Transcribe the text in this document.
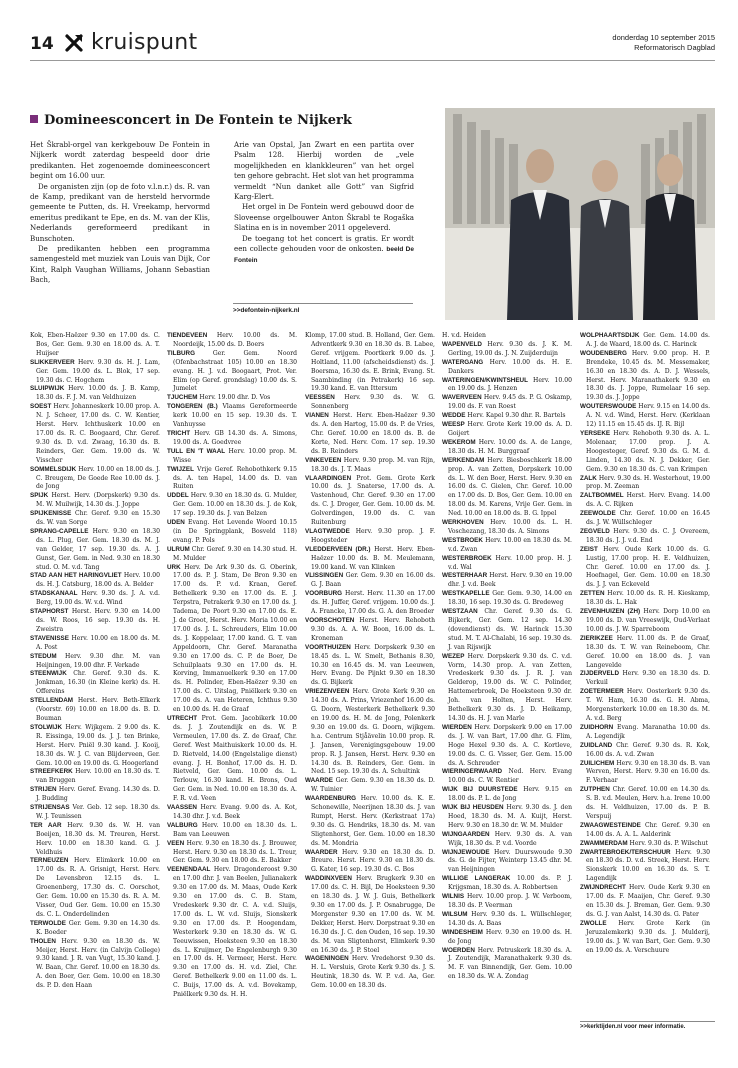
14 kruispunt	donderdag 10 september 2015
Reformatorisch Dagblad
Domineesconcert in De Fontein te Nijkerk

Het Škrabl-orgel van kerkgebouw De Fontein in Nijkerk wordt zaterdag bespeeld door drie predikanten. Het zogenoemde domineesconcert begint om 16.00 uur.

De organisten zijn (op de foto v.l.n.r.) ds. R. van de Kamp, predikant van de hersteld hervormde gemeente te Putten, ds. H. Vreekamp, hervormd emeritus predikant te Epe, en ds. M. van der Klis, Nederlands gereformeerd predikant in Bunschoten.

De predikanten hebben een programma samengesteld met muziek van Louis van Dijk, Cor Kint, Ralph Vaughan Williams, Johann Sebastian Bach,

Arie van Opstal, Jan Zwart en een partita over Psalm 128. Hierbij worden de „vele mogelijkheden en klankkleuren” van het orgel ten gehore gebracht. Het slot van het programma vermeldt “Nun danket alle Gott” van Sigfrid Karg-Elert.

Het orgel in De Fontein werd gebouwd door de Sloveense orgelbouwer Anton Škrabl te Rogaška Slatina en is in november 2011 opgeleverd.

De toegang tot het concert is gratis. Er wordt een collecte gehouden voor de onkosten. beeld De Fontein

>>defontein-nijkerk.nl

Kok, Eben-Haëzer 9.30 en 17.00 ds. C. Bos, Ger. Gem. 9.30 en 18.00 ds. A. T. Huijser

SLIKKERVEER Herv. 9.30 ds. H. J. Lam, Ger. Gem. 19.00 ds. L. Blok, 17 sep. 19.30 ds. C. Hogchem

SLUIPWIJK Herv. 10.00 ds. J. B. Kamp, 18.30 ds. F. J. M. van Veldhuizen

SOEST Herv. Johanneskerk 10.00 prop. A. N. J. Scheer, 17.00 ds. C. W. Kentier, Herst. Herv. Ichthuskerk 10.00 en 17.00 ds. R. C. Boogaard, Chr. Geref. 9.30 ds. D. v.d. Zwaag, 16.30 ds. B. Reinders, Ger. Gem. 19.00 ds. W. Visscher

SOMMELSDIJK Herv. 10.00 en 18.00 ds. J. C. Breugem, De Goede Ree 10.00 ds. J. de Jong

SPIJK Herst. Herv. (Dorpskerk) 9.30 ds. M. W. Muilwijk, 14.30 ds. J. Joppe

SPIJKENISSE Chr. Geref. 9.30 en 15.30 ds. W. van Sorge

SPRANG-CAPELLE Herv. 9.30 en 18.30 ds. L. Plug, Ger. Gem. 18.30 ds. M. J. van Gelder, 17 sep. 19.30 ds. A. J. Gunst, Ger. Gem. in Ned. 9.30 en 18.30 stud. O. M. v.d. Tang

STAD AAN HET HARINGVLIET Herv. 10.00 ds. H. J. Catsburg, 18.00 ds. A. Belder

STADSKANAAL Herv. 9.30 ds. J. A. v.d. Berg, 19.00 ds. W. v.d. Wind

STAPHORST Herst. Herv. 9.30 en 14.00 ds. W. Roos, 16 sep. 19.30 ds. H. Zweistra

STAVENISSE Herv. 10.00 en 18.00 ds. M. A. Post

STEDUM Herv. 9.30 dhr. M. van Heijningen, 19.00 dhr. F. Verkade

STEENWIJK Chr. Geref. 9.30 ds. K. Jonkman, 16.30 (in Kleine kerk) ds. H. Offereins

STELLENDAM Herst. Herv. Beth-Elkerk (Voorstr. 69) 10.00 en 18.00 ds. B. D. Bouman

STOLWIJK Herv. Wijkgem. 2 9.00 ds. K. R. Eissinga, 19.00 ds. J. J. ten Brinke, Herst. Herv. Pniël 9.30 kand. J. Kooij, 18.30 ds. W. J. C. van Blijderveen, Ger. Gem. 10.00 en 19.00 ds. G. Hoogerland

STREEFKERK Herv. 10.00 en 18.30 ds. T. van Bruggen

STRIJEN Herv. Geref. Evang. 14.30 ds. D. J. Budding

STRIJENSAS Ver. Geb. 12 sep. 18.30 ds. W. J. Teunissen

TER AAR Herv. 9.30 ds. W. H. van Boeijen, 18.30 ds. M. Treuren, Herst. Herv. 10.00 en 18.30 kand. G. J. Veldhuis

TERNEUZEN Herv. Elimkerk 10.00 en 17.00 ds. R. A. Grisnigt, Herst. Herv. De Levensbron 12.15 ds. L. Groenenberg, 17.30 ds. C. Oorschot, Ger. Gem. 10.00 en 15.30 ds. R. A. M. Visser, Oud Ger. Gem. 10.00 en 15.30 ds. C. L. Onderdelinden

TERWOLDE Ger. Gem. 9.30 en 14.30 ds. K. Boeder

THOLEN Herv. 9.30 en 18.30 ds. W. Meijer, Herst. Herv. (in Calvijn College) 9.30 kand. J. R. van Vugt, 15.30 kand. J. W. Baan, Chr. Geref. 10.00 en 18.30 ds. A. den Boer, Ger. Gem. 10.00 en 18.30 ds. P. D. den Haan

TIENDEVEEN Herv. 10.00 ds. M. Noordeijk, 15.00 ds. D. Boers

TILBURG	Ger. Gem. Noord (Ofenbachstraat 105) 10.00 en 18.30 evang. H. J. v.d. Boogaart, Prot. Ver. Elim (op Geref. grondslag) 10.00 ds. S. Jumelet

TJUCHEM Herv. 19.00 dhr. D. Vos

TONGEREN (B.) Vlaams Gereformeerde kerk 10.00 en 15 sep. 19.30 ds. T. Vanhuysse

TRICHT Herv. GB 14.30 ds. A. Simons, 19.00 ds. A. Goedvree

TULL EN 'T WAAL Herv. 10.00 prop. M. Wisse

TWIJZEL Vrije Geref. Rehobothkerk 9.15 ds. A. ten Hapel, 14.00 ds. D. van Ruiten

UDDEL Herv. 9.30 en 18.30 ds. G. Mulder, Ger. Gem. 10.00 en 18.30 ds. J. de Kok, 17 sep. 19.30 ds. J. van Belzen

UDEN Evang. Het Levende Woord 10.15 (in De Springplank, Bosveld 118) evang. P. Pols

ULRUM Chr. Geref. 9.30 en 14.30 stud. H. M. Mulder

URK Herv. De Ark 9.30 ds. G. Oberink, 17.00 ds. P. J. Stam, De Bron 9.30 en 17.00 ds. P. v.d. Kraan, Geref. Bethelkerk 9.30 en 17.00 ds. E. J. Terpstra, Petrakerk 9.30 en 17.00 ds. J. Tadema, De Poort 9.30 en 17.00 ds. E. J. de Groot, Herst. Herv. Moria 10.00 en 17.00 ds. J. L. Schreuders, Elim 10.00 ds. J. Koppelaar, 17.00 kand. G. T. van Appeldoorn, Chr. Geref. Maranatha 9.30 en 17.00 ds. C. P. de Boer, De Schuilplaats 9.30 en 17.00 ds. H. Korving, Immanuelkerk 9.30 en 17.00 ds. H. Polinder, Eben-Haëzer 9.30 en 17.00 ds. C. Uitslag, Pniëlkerk 9.30 en 17.00 ds. A. van Heteren, Ichthus 9.30 en 10.00 ds. H. de Graaf

UTRECHT Prot. Gem. Jacobikerk 10.00 ds. J. J. Zoutendijk en ds. W. P. Vermeulen, 17.00 ds. Z. de Graaf, Chr. Geref. West Maithuiskerk 10.00 ds. H. D. Rietveld, 14.00 (Engelstalige dienst) evang. J. H. Bonhof, 17.00 ds. H. D. Rietveld, Ger. Gem. 10.00 ds. L. Terlouw, 16.30 kand. H. Brons, Oud Ger. Gem. in Ned. 10.00 en 18.30 ds. A. F. R. v.d. Veen

VAASSEN Herv. Evang. 9.00 ds. A. Kot, 14.30 dhr. J. v.d. Beek

VALBURG Herv. 10.00 en 18.30 ds. L. Bam van Leeuwen

VEEN Herv. 9.30 en 18.30 ds. J. Brouwer, Herst. Herv. 9.30 en 18.30 ds. L. Treur, Ger. Gem. 9.30 en 18.00 ds. E. Bakker

VEENENDAAL Herv. Dragonderoost 9.30 en 17.00 dhr. J. van Beelen, Julianakerk 9.30 en 17.00 ds. M. Maas, Oude Kerk 9.30 en 17.00 ds. C. B. Stam, Vredeskerk 9.30 dr. C. A. v.d. Sluijs, 17.00 ds. L. W. v.d. Sluijs, Sionskerk 9.30 en 17.00 ds. P. Hoogendam, Westerkerk 9.30 en 18.30 ds. W. G. Teeuwissen, Hoeksteen 9.30 en 18.30 ds. L. Kruijmer, De Engelenburgh 9.30 en 17.00 ds. H. Vermeer, Herst. Herv. 9.30 en 17.00 ds. H. v.d. Ziel, Chr. Geref. Bethelkerk 9.00 en 11.00 ds. L. C. Buijs, 17.00 ds. A. v.d. Bovekamp, Pniëlkerk 9.30 ds. H. H.

Klomp, 17.00 stud. B. Holland, Ger. Gem. Adventkerk 9.30 en 18.30 ds. B. Labee, Geref. vrijgem. Poortkerk 9.00 ds. J. Holtland, 11.00 (afscheidsdienst) ds. J. Boersma, 16.30 ds. E. Brink, Evang. St. Saambinding (in Petrakerk) 16 sep. 19.30 kand. E. van Ittersum

VEESSEN Herv. 9.30 ds. W. G. Sonnenberg

VIANEN Herst. Herv. Eben-Haëzer 9.30 ds. A. den Hartog, 15.00 ds. P. de Vries, Chr. Geref. 10.00 en 18.00 ds. B. de Korte, Ned. Herv. Com. 17 sep. 19.30 ds. B. Reinders

VINKEVEEN Herv. 9.30 prop. M. van Rijn, 18.30 ds. J. T. Maas

VLAARDINGEN Prot. Gem. Grote Kerk 10.00 ds. J. Snaterse, 17.00 ds. A. Vastenhoud, Chr. Geref. 9.30 en 17.00 ds. C. J. Droger, Ger. Gem. 10.00 ds. M. Golverdingen, 19.00 ds. C. van Ruitenburg

VLAGTWEDDE Herv. 9.30 prop. J. F. Hoogsteder

VLEDDERVEEN (DR.) Herst. Herv. Eben-Haëzer 10.00 ds. B. M. Meulemann, 19.00 kand. W. van Klinken

VLISSINGEN Ger. Gem. 9.30 en 16.00 ds. G. J. Baan

VOORBURG Herst. Herv. 11.30 en 17.00 ds. H. Juffer, Geref. vrijgem. 10.00 ds. J. A. Francke, 17.00 ds. G. A. den Broeder

VOORSCHOTEN Herst. Herv. Rehoboth 9.30 ds. A. A. W. Boon, 16.00 ds. L. Kroneman

VOORTHUIZEN Herv. Dorpskerk 9.30 en 18.45 ds. L. W. Smelt, Bethanis 8.30, 10.30 en 16.45 ds. M. van Leeuwen, Herv. Evang. De Pijnkt 9.30 en 18.30 ds. G. Bijkerk

VRIEZENVEEN Herv. Grote Kerk 9.30 en 14.30 ds. A. Prins, Vriezenhof 16.00 ds. G. Doorn, Westerkerk Bethelkerk 9.30 en 19.00 ds. H. M. de Jong, Polenkerk 9.30 en 19.00 ds. G. Doorn, wijkgem. h.a. Centrum Stjåävelin 10.00 prop. R. J. Jansen, Verenigingsgebouw 19.00 prop. R. J. Jansen, Herst. Herv. 9.30 en 14.30 ds. B. Reinders, Ger. Gem. in Ned. 15 sep. 19.30 ds. A. Schultink

WAARDE Ger. Gem. 9.30 en 18.30 ds. D. W. Tuinier

WAARDENBURG Herv. 10.00 ds. K. E. Schonewille, Neerijnen 18.30 ds. J. van Rumpt, Herst. Herv. (Kerkstraat 17a) 9.30 ds. G. Hendriks, 18.30 ds. M. van Sligtenhorst, Ger. Gem. 10.00 en 18.30 ds. M. Mondria

WAARDER Herv. 9.30 en 18.30 ds. D. Breure. Herst. Herv. 9.30 en 18.30 ds. G. Kater, 16 sep. 19.30 ds. C. Bos

WADDINXVEEN Herv. Brugkerk 9.30 en 17.00 ds. C. H. Bijl, De Hoeksteen 9.30 en 18.30 ds. J. W. J. Guis, Bethelkerk 9.30 en 17.00 ds. J. P. Osnabrugge, De Morgenster 9.30 en 17.00 ds. W. M. Dekker, Herst. Herv. Dorpstraat 9.30 en 16.30 ds. J. C. den Ouden, 16 sep. 19.30 ds. M. van Sligtenhorst, Elimkerk 9.30 en 16.30 ds. J. P. Stoel

WAGENINGEN Herv. Vredehorst 9.30 ds. H. L. Versluis, Grote Kerk 9.30 ds. J. S. Heutink, 18.30 ds. W. P. v.d. Aa, Ger. Gem. 10.00 en 18.30 ds.

H. v.d. Heiden

WAPENVELD Herv. 9.30 ds. J. K. M. Gerling, 19.00 ds. J. N. Zuijderduijn

WATERGANG Herv. 10.00 ds. H. E. Dankers

WATERINGEN/KWINTSHEUL Herv. 10.00 en 19.00 ds. J. Henzen

WAVERVEEN Herv. 9.45 ds. P. G. Oskamp, 19.00 ds. F. van Roest

WEDDE Herv. Kapel 9.30 dhr. R. Bartels

WEESP Herv. Grote Kerk 19.00 ds. A. D. Goijert

WEKEROM Herv. 10.00 ds. A. de Lange, 18.30 ds. H. M. Burggraaf

WERKENDAM Herv. Biesboschkerk 18.00 prop. A. van Zetten, Dorpskerk 10.00 ds. L. W. den Boer, Herst. Herv. 9.30 en 16.00 ds. C. Gielen, Chr. Geref. 10.00 en 17.00 ds. D. Bos, Ger. Gem. 10.00 en 18.00 ds. M. Karens, Vrije Ger. Gem. in Ned. 10.00 en 18.00 ds. B. G. Ippel

WERKHOVEN Herv. 10.00 ds. L. H. Voschezang, 18.30 ds. A. Simons

WESTBROEK Herv. 10.00 en 18.30 ds. M. v.d. Zwan

WESTERBROEK Herv. 10.00 prop. H. J. v.d. Wal

WESTERHAAR Herst. Herv. 9.30 en 19.00 dhr. J. v.d. Beek

WESTKAPELLE Ger. Gem. 9.30, 14.00 en 18.30, 16 sep. 19.30 ds. G. Bredeweg

WESTZAAN Chr. Geref. 9.30 ds. G. Bijkerk, Ger. Gem. 12 sep. 14.30 (dovendienst) ds. W. Harinck 15.30 stud. M. T. Al-Chalabi, 16 sep. 19.30 ds. J. van Rijswijk

WEZEP Herv. Dorpskerk 9.30 ds. C. v.d. Vorm, 14.30 prop. A. van Zetten, Vredeskerk 9.30 ds. J. R. J. van Gelderop, 19.00 ds. W. C. Polinder, Hattemerbroek, De Hoeksteen 9.30 dr. Joh. van Holten, Herst. Herv. Bethelkerk 9.30 ds. J. D. Heikamp, 14.30 ds. H. J. van Marle

WIERDEN Herv. Dorpskerk 9.00 en 17.00 ds. J. W. van Bart, 17.00 dhr. G. Flim, Hoge Hexel 9.30 ds. A. C. Kortleve, 19.00 ds. C. G. Visser, Ger. Gem. 15.00 ds. A. Schreuder

WIERINGERWAARD Ned. Herv. Evang 10.00 ds. C. W. Rentier

WIJK BIJ DUURSTEDE Herv. 9.15 en 18.00 ds. P. L. de Jong

WIJK BIJ HEUSDEN Herv. 9.30 ds. J. den Hoed, 18.30 ds. M. A. Kuijt, Herst. Herv. 9.30 en 18.30 dr. W. M. Mulder

WIJNGAARDEN Herv. 9.30 ds. A. van Wijk, 18.30 ds. P. v.d. Voorde

WIJNJEWOUDE Herv. Duurswoude 9.30 ds. G. de Fijter, Weinterp 13.45 dhr. M. van Heijningen

WILLIGE LANGERAK 10.00 ds. P. J. Krijgsman, 18.30 ds. A. Robbertsen

WILNIS Herv. 10.00 prop. J. W. Verboom, 18.30 ds. P. Veerman

WILSUM Herv. 9.30 ds. L. Wüllschleger, 14.30 ds. A. Baas

WINDESHEIM Herv. 9.30 en 19.00 ds. H. de Jong

WOERDEN Herv. Petruskerk 18.30 ds. A. J. Zoutendijk, Maranathakerk 9.30 ds. M. F. van Binnendijk, Ger. Gem. 10.00 en 18.30 ds. W. A. Zondag

WOLPHAARTSDIJK Ger. Gem. 14.00 ds. A. J. de Waard, 18.00 ds. C. Harinck

WOUDENBERG Herv. 9.00 prop. H. P. Brendeke, 10.45 ds. M. Messemaker, 16.30 en 18.30 ds. A. D. J. Wessels, Herst. Herv. Maranathakerk 9.30 en 18.30 ds. J. Joppe, Rumelaar 16 sep. 19.30 ds. J. Joppe

WOUTERSWOUDE Herv. 9.15 en 14.00 ds. A. N. v.d. Wind, Herst. Herv. (Kerklaan 12) 11.15 en 15.45 ds. IJ. R. Bijl

YERSEKE Herv. Rehoboth 9.30 ds. A. L. Molenaar, 17.00 prop. J. A. Hoogesteger, Geref. 9.30 ds. G. M. d. Linden, 14.30 ds. N. J. Dekker, Ger. Gem. 9.30 en 18.30 ds. C. van Krimpen

ZALK Herv. 9.30 ds. H. Westerhout, 19.00 prop. M. Zeeman

ZALTBOMMEL Herst. Herv. Evang. 14.00 ds. A. C. Rijken

ZEEWOLDE Chr. Geref. 10.00 en 16.45 ds. J. W. Wüllschleger

ZEGVELD Herv. 9.30 ds. C. J. Overeem, 18.30 ds. J. J. v.d. End

ZEIST Herv. Oude Kerk 10.00 ds. G. Lustig, 17.00 prop. H. E. Veldhuizen, Chr. Geref. 10.00 en 17.00 ds. J. Hoefnagel, Ger. Gem. 10.00 en 18.30 ds. J. J. van Eckeveld

ZETTEN Herv. 10.00 ds. R. H. Kieskamp, 18.30 ds. L. Hak

ZEVENHUIZEN (ZH) Herv. Dorp 10.00 en 19.00 ds. D. van Vreeswijk, Oud-Verlaat 10.00 ds. J. W. Sparreboom

ZIERIKZEE Herv. 11.00 ds. P. de Graaf, 18.30 ds. T. W. van Reineboom, Chr. Geref. 10.00 en 18.00 ds. J. van Langevelde

ZIJDERVELD Herv. 9.30 en 18.30 ds. D. Verkuil

ZOETERMEER Herv. Oosterkerk 9.30 ds. T. W. Ham, 16.30 ds. G. H. Abma, Morgensterkerk 10.00 en 18.30 ds. M. A. v.d. Berg

ZUIDHORN Evang. Maranatha 10.00 ds. A. Legendijk

ZUIDLAND Chr. Geref. 9.30 ds. R. Kok, 16.00 ds. A. v.d. Zwan

ZUILICHEM Herv. 9.30 en 18.30 ds. B. van Werven, Herst. Herv. 9.30 en 16.00 ds. F. Verhaar

ZUTPHEN Chr. Geref. 10.00 en 14.30 ds. S. B. v.d. Meulen, Herv. h.a. Irene 10.00 ds. H. Veldhuizen, 17.00 ds. P. B. Verspuij

ZWAAGWESTEINDE Chr. Geref. 9.30 en 14.00 ds. A. A. L. Aalderink

ZWAMMERDAM Herv. 9.30 ds. P. Wilschut

ZWARTEBROEK/TERSCHUUR Herv. 9.30 en 18.30 ds. D. v.d. Streek, Herst. Herv. Sionskerk 10.00 en 16.30 ds. S. T. Lagendijk

ZWIJNDRECHT Herv. Oude Kerk 9.30 en 17.00 ds. F. Maaijen, Chr. Geref. 9.30 en 15.30 ds. J. Breman, Ger. Gem. 9.30 ds. G. J. van Aalst, 14.30 ds. G. Pater

ZWOLLE Herv. Grote Kerk (in Jeruzalemkerk) 9.30 ds. J. Mulderij, 19.00 ds. J. W. van Bart, Ger. Gem. 9.30 en 19.00 ds. A. Verschuure

>>kerktijden.nl voor meer informatie.
